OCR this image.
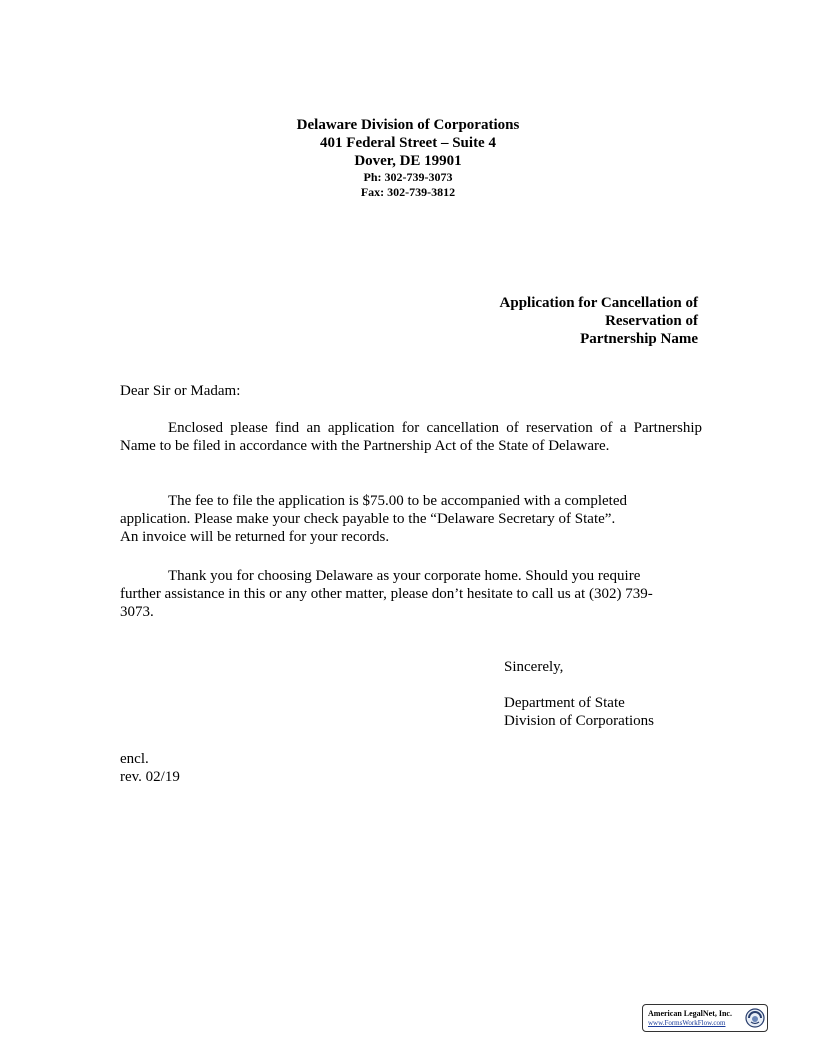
Delaware Division of Corporations
401 Federal Street – Suite 4
Dover, DE 19901
Ph: 302-739-3073
Fax: 302-739-3812
Application for Cancellation of
Reservation of
Partnership Name
Dear Sir or Madam:
Enclosed please find an application for cancellation of reservation of a Partnership Name to be filed in accordance with the Partnership Act of the State of Delaware.
The fee to file the application is $75.00 to be accompanied with a completed
application. Please make your check payable to the “Delaware Secretary of State”.
An invoice will be returned for your records.
Thank you for choosing Delaware as your corporate home. Should you require
further assistance in this or any other matter, please don’t hesitate to call us at (302) 739-
3073.
Sincerely,
Department of State
Division of Corporations
encl.
rev. 02/19
American LegalNet, Inc.
www.FormsWorkFlow.com
